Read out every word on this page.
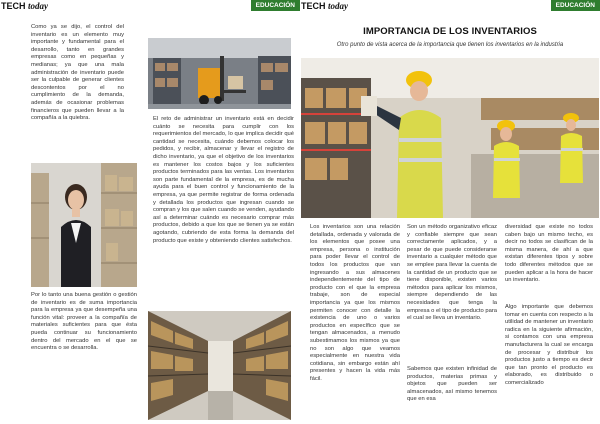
TECH today	EDUCACIÓN
Como ya se dijo, el control del inventario es un elemento muy importante y fundamental para el desarrollo, tanto en grandes empresas como en pequeñas y medianas; ya que una mala administración de inventario puede ser la culpable de generar clientes descontentos por el no cumplimiento de la demanda, además de ocasionar problemas financieros que pueden llevar a la compañía a la quiebra.	El reto de administrar un inventario está en decidir cuánto se necesita para cumplir con los requerimientos del mercado, lo que implica decidir qué cantidad se necesita, cuándo debemos colocar los pedidos, y recibir, almacenar y llevar el registro de dicho inventario, ya que el objetivo de los inventarios es mantener los costos bajos y los suficientes productos terminados para las ventas. Los inventarios son parte fundamental de la empresa, es de mucha ayuda para el buen control y funcionamiento de la empresa, ya que permite registrar de forma ordenada y detallada los productos que ingresan cuando se compran y los que salen cuando se venden, ayudando así a determinar cuándo es necesario comprar más productos, debido a que los que se tienen ya se están agotando, cubriendo de esta forma la demanda del producto que existe y obteniendo clientes satisfechos.
Por lo tanto una buena gestión o gestión de inventario es de suma importancia para la empresa ya que desempeña una función vital: proveer a la compañía de materiales suficientes para que ésta pueda continuar su funcionamiento dentro del mercado en el que se encuentra o se desarrolla.
TECH today	EDUCACIÓN
IMPORTANCIA DE LOS INVENTARIOS
Otro punto de vista acerca de la importancia que tienen los inventarios en la industria
Los inventarios son una relación detallada, ordenada y valorada de los elementos que posee una empresa, persona o institución para poder llevar el control de todos los productos que van ingresando a sus almacenes independientemente del tipo de producto con el que la empresa trabaje, son de especial importancia ya que los mismos permiten conocer con detalle la existencia de uno o varios productos en específico que se tengan almacenados, a menudo subestimamos los mismos ya que no son algo que veamos especialmente en nuestra vida cotidiana, sin embargo están ahí presentes y hacen la vida más fácil.
Son un método organizativo eficaz y confiable siempre que sean correctamente aplicados, y a pesar de que puede considerarse inventario a cualquier método que se emplee para llevar la cuenta de la cantidad de un producto que se tiene disponible, existen varios métodos para aplicar los mismos, siempre dependiendo de las necesidades que tenga la empresa o el tipo de producto para el cual se lleva un inventario.
Sabemos que existen infinidad de productos, materias primas y objetos que pueden ser almacenados, así mismo tenemos que en esa
diversidad que existe no todos caben bajo un mismo techo, es decir no todos se clasifican de la misma manera, de ahí a que existan diferentes tipos y sobre todo diferentes métodos que se pueden aplicar a la hora de hacer un inventario.
Algo importante que debemos tomar en cuenta con respecto a la utilidad de mantener un inventario radica en la siguiente afirmación, si contamos con una empresa manufacturera la cual se encarga de procesar y distribuir los productos justo a tiempo es decir que tan pronto el producto es elaborado, es distribuido o comercializado
